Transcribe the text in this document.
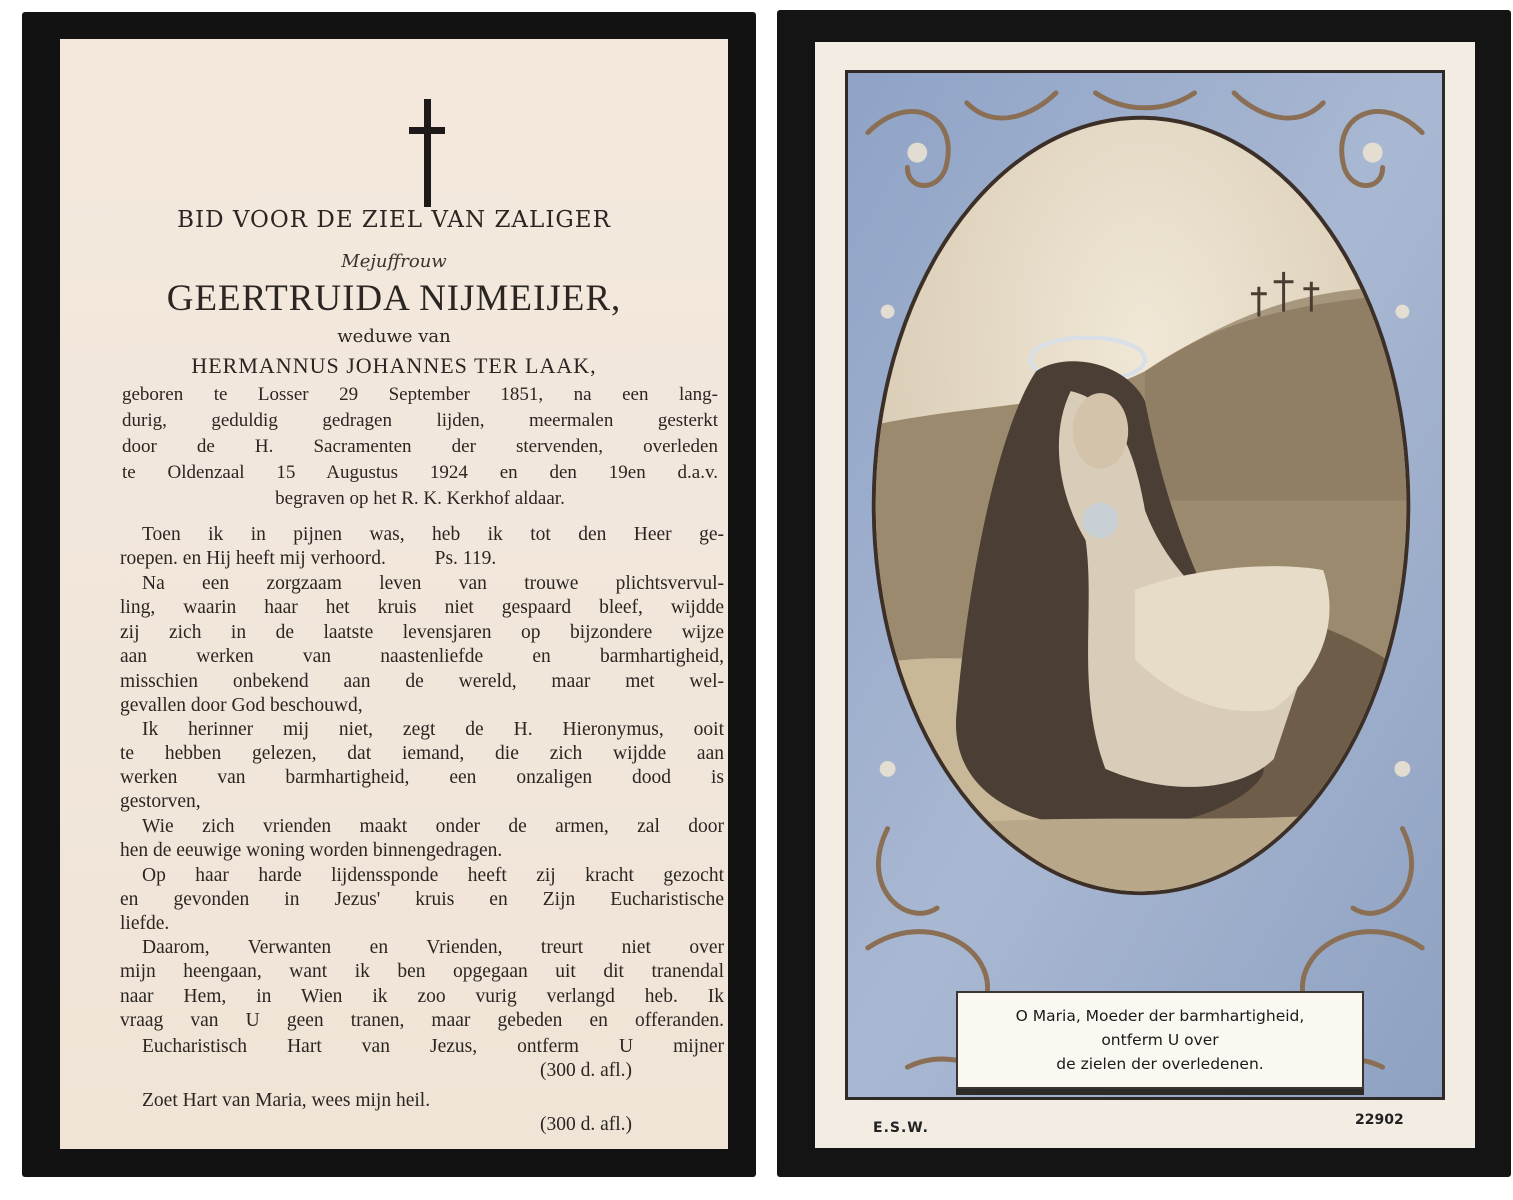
BID VOOR DE ZIEL VAN ZALIGER
Mejuffrouw
GEERTRUIDA NIJMEIJER,
weduwe van
HERMANNUS JOHANNES TER LAAK,
geboren te Losser 29 September 1851, na een lang-
durig, geduldig gedragen lijden, meermalen gesterkt
door de H. Sacramenten der stervenden, overleden
te Oldenzaal 15 Augustus 1924 en den 19en d.a.v.
begraven op het R. K. Kerkhof aldaar.
Toen ik in pijnen was, heb ik tot den Heer ge-
roepen. en Hij heeft mij verhoord.          Ps. 119.
Na een zorgzaam leven van trouwe plichtsvervul-
ling, waarin haar het kruis niet gespaard bleef, wijdde
zij zich in de laatste levensjaren op bijzondere wijze
aan werken van naastenliefde en barmhartigheid,
misschien onbekend aan de wereld, maar met wel-
gevallen door God beschouwd,
Ik herinner mij niet, zegt de H. Hieronymus, ooit
te hebben gelezen, dat iemand, die zich wijdde aan
werken van barmhartigheid, een onzaligen dood is
gestorven,
Wie zich vrienden maakt onder de armen, zal door
hen de eeuwige woning worden binnengedragen.
Op haar harde lijdenssponde heeft zij kracht gezocht
en gevonden in Jezus' kruis en Zijn Eucharistische
liefde.
Daarom, Verwanten en Vrienden, treurt niet over
mijn heengaan, want ik ben opgegaan uit dit tranendal
naar Hem, in Wien ik zoo vurig verlangd heb. Ik
vraag van U geen tranen, maar gebeden en offeranden.
Eucharistisch Hart van Jezus, ontferm U mijner
(300 d. afl.)
Zoet Hart van Maria, wees mijn heil.
(300 d. afl.)
O Maria, Moeder der barmhartigheid,
ontferm U over
de zielen der overledenen.
E.S.W.	22902
